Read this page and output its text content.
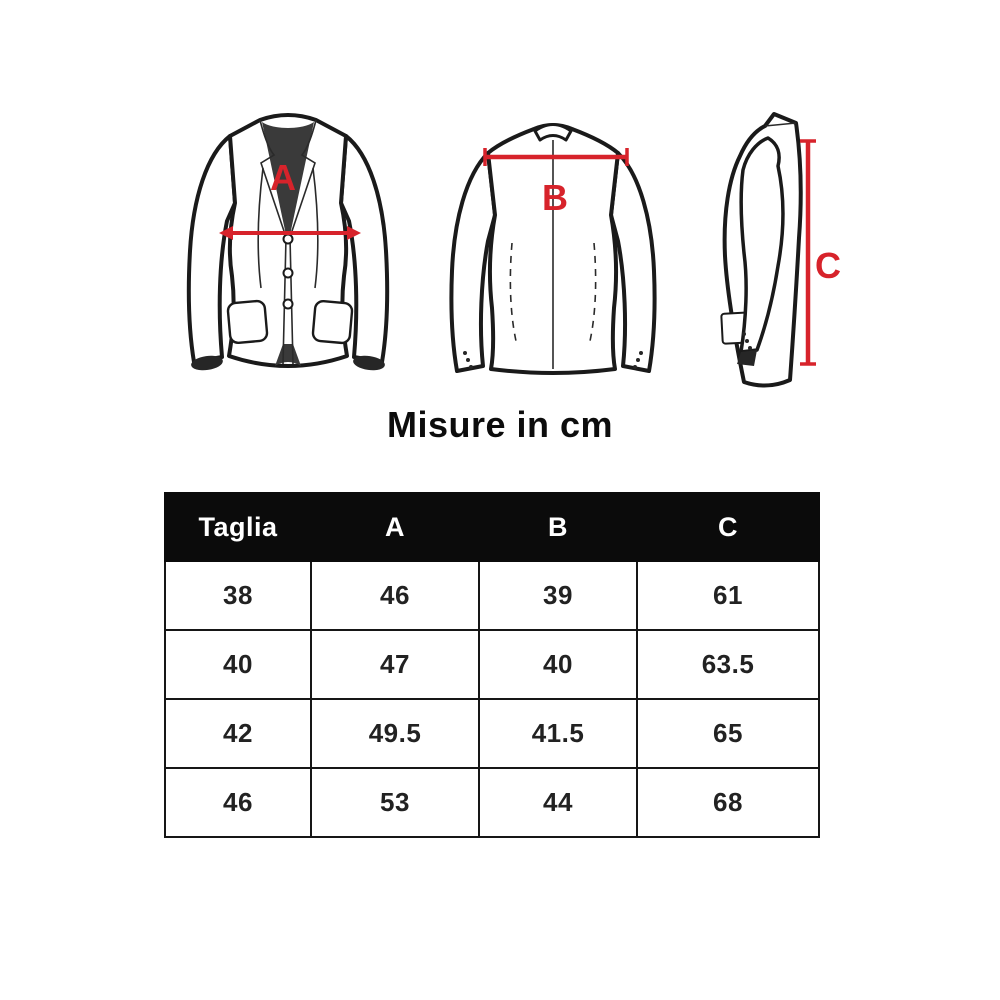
A	B
C
Misure in cm
Taglia	A	B	C
38	46	39	61
40	47	40	63.5
42	49.5	41.5	65
46	53	44	68
